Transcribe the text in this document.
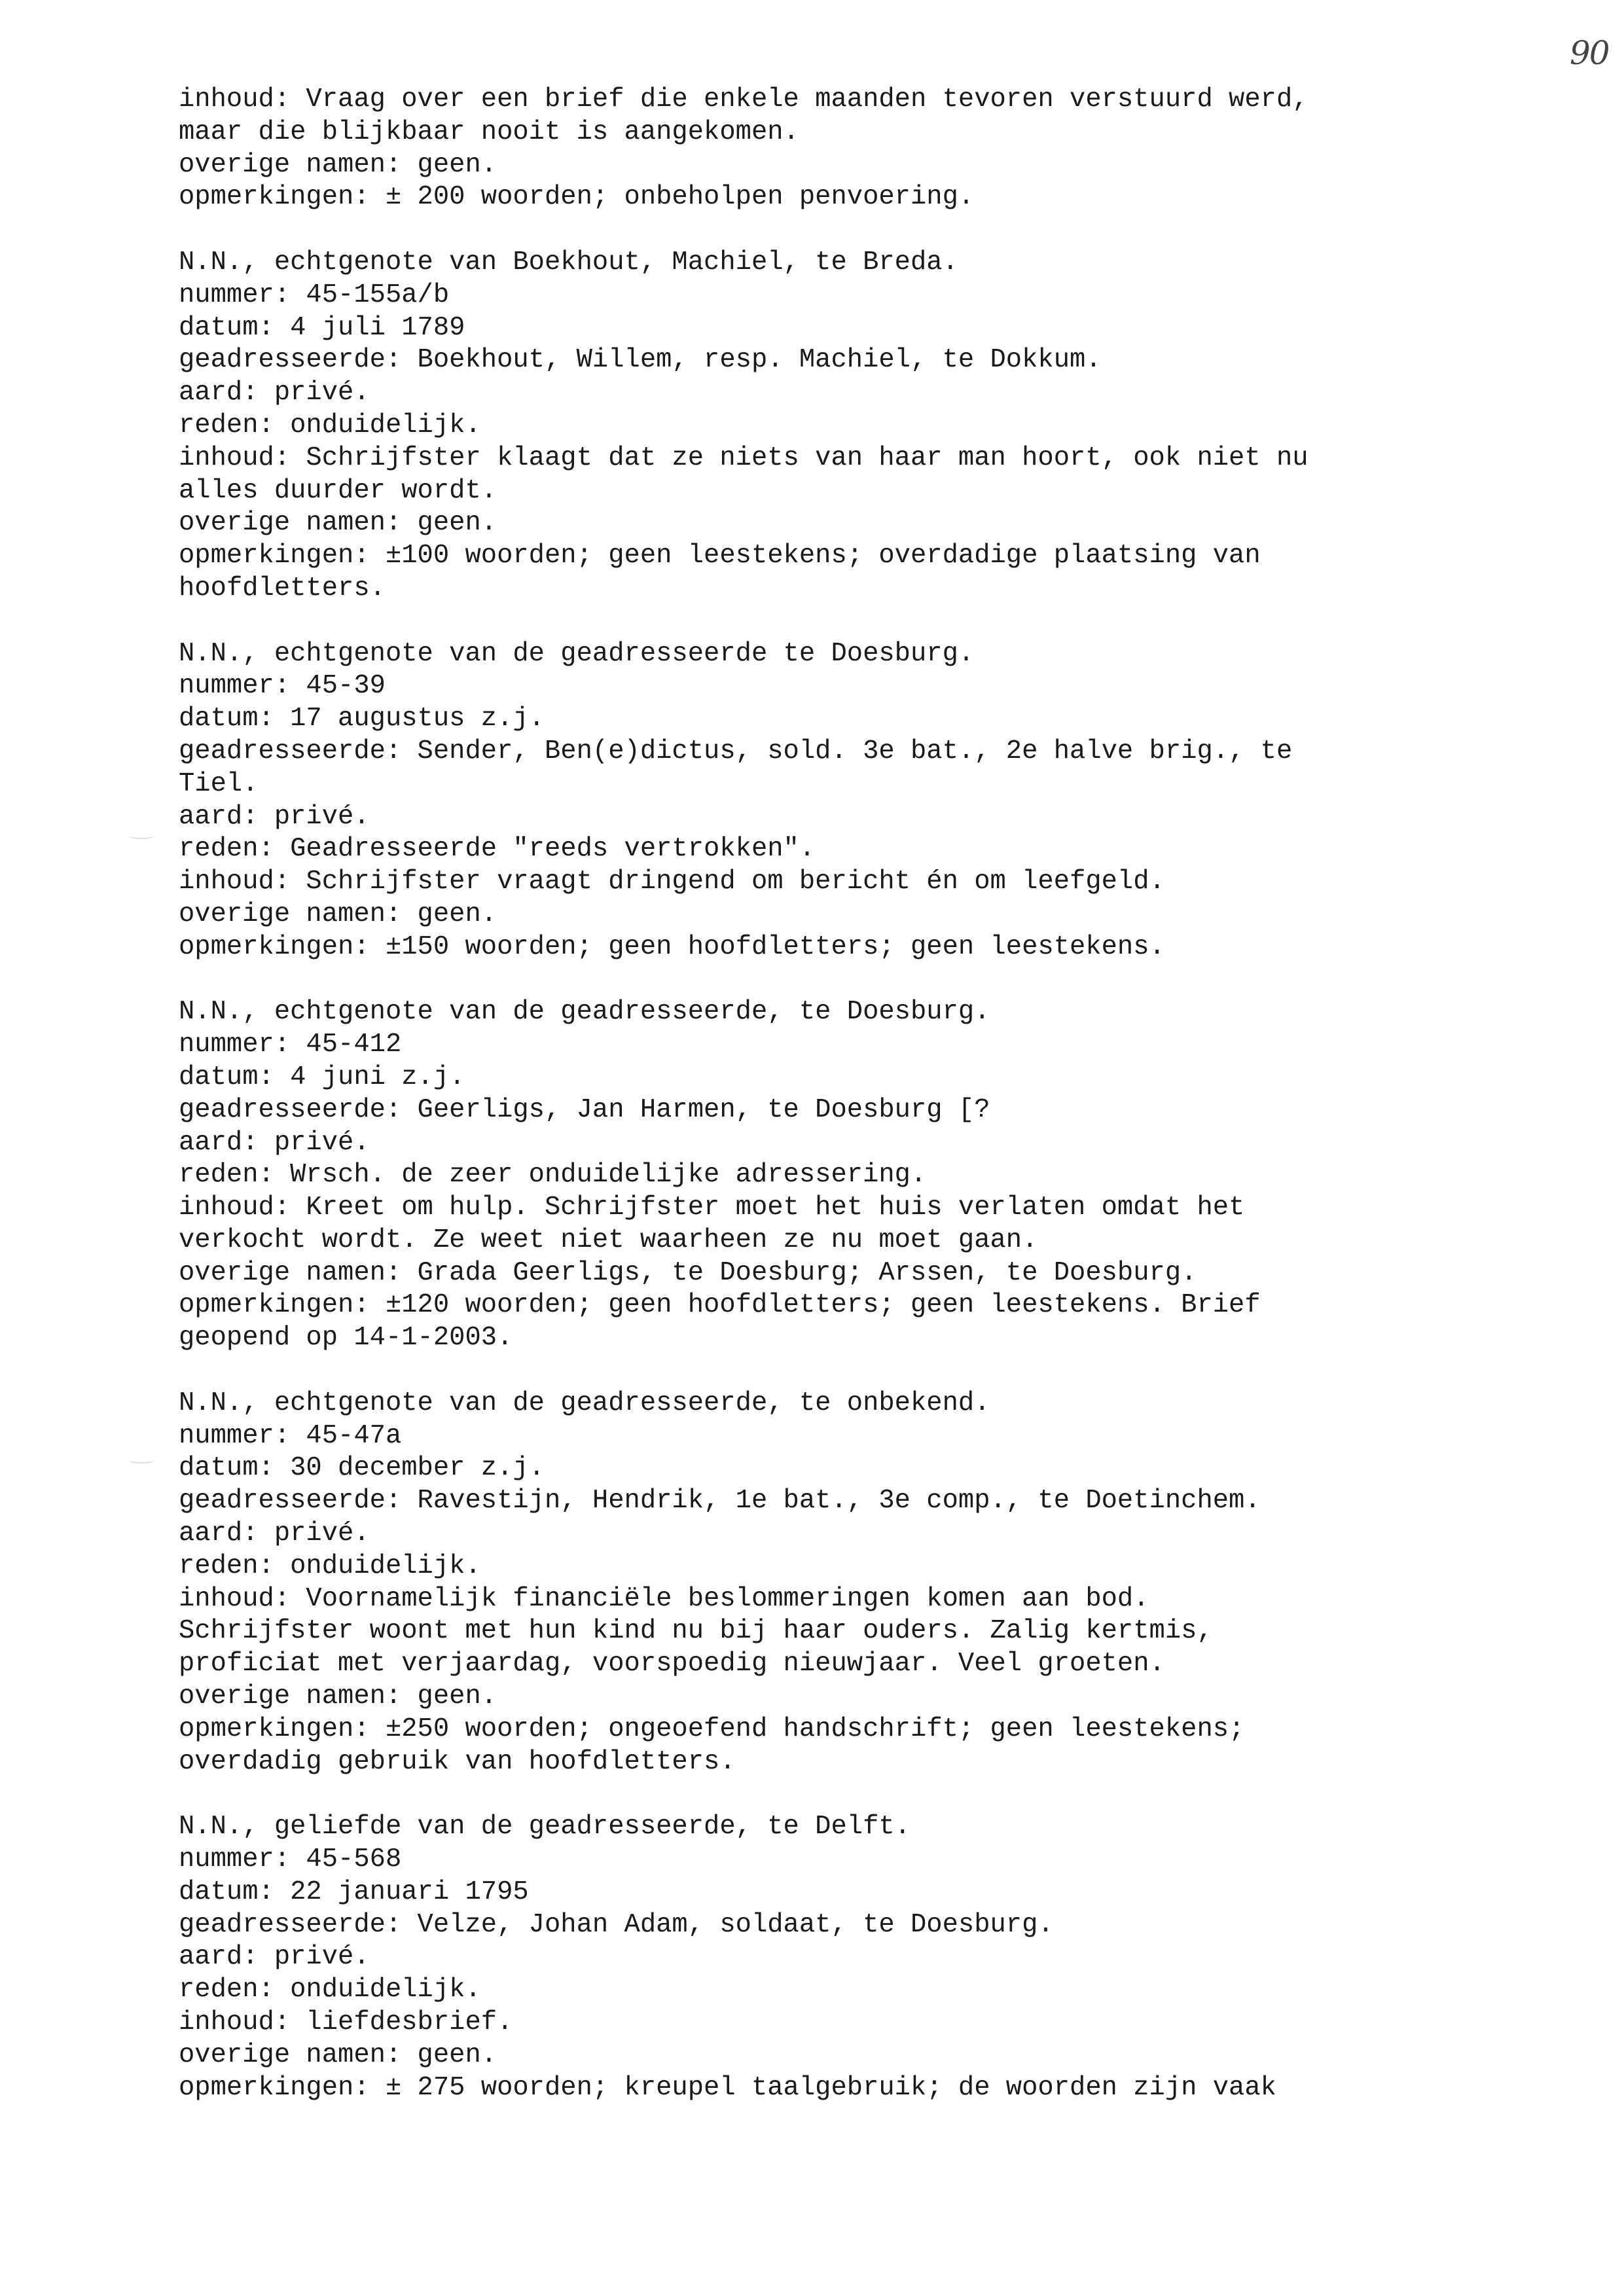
90
inhoud: Vraag over een brief die enkele maanden tevoren verstuurd werd,
maar die blijkbaar nooit is aangekomen.
overige namen: geen.
opmerkingen: ± 200 woorden; onbeholpen penvoering.
N.N., echtgenote van Boekhout, Machiel, te Breda.
nummer: 45-155a/b
datum: 4 juli 1789
geadresseerde: Boekhout, Willem, resp. Machiel, te Dokkum.
aard: privé.
reden: onduidelijk.
inhoud: Schrijfster klaagt dat ze niets van haar man hoort, ook niet nu
alles duurder wordt.
overige namen: geen.
opmerkingen: ±100 woorden; geen leestekens; overdadige plaatsing van
hoofdletters.
N.N., echtgenote van de geadresseerde te Doesburg.
nummer: 45-39
datum: 17 augustus z.j.
geadresseerde: Sender, Ben(e)dictus, sold. 3e bat., 2e halve brig., te
Tiel.
aard: privé.
reden: Geadresseerde "reeds vertrokken".
inhoud: Schrijfster vraagt dringend om bericht én om leefgeld.
overige namen: geen.
opmerkingen: ±150 woorden; geen hoofdletters; geen leestekens.
N.N., echtgenote van de geadresseerde, te Doesburg.
nummer: 45-412
datum: 4 juni z.j.
geadresseerde: Geerligs, Jan Harmen, te Doesburg [?
aard: privé.
reden: Wrsch. de zeer onduidelijke adressering.
inhoud: Kreet om hulp. Schrijfster moet het huis verlaten omdat het
verkocht wordt. Ze weet niet waarheen ze nu moet gaan.
overige namen: Grada Geerligs, te Doesburg; Arssen, te Doesburg.
opmerkingen: ±120 woorden; geen hoofdletters; geen leestekens. Brief
geopend op 14-1-2003.
N.N., echtgenote van de geadresseerde, te onbekend.
nummer: 45-47a
datum: 30 december z.j.
geadresseerde: Ravestijn, Hendrik, 1e bat., 3e comp., te Doetinchem.
aard: privé.
reden: onduidelijk.
inhoud: Voornamelijk financiële beslommeringen komen aan bod.
Schrijfster woont met hun kind nu bij haar ouders. Zalig kertmis,
proficiat met verjaardag, voorspoedig nieuwjaar. Veel groeten.
overige namen: geen.
opmerkingen: ±250 woorden; ongeoefend handschrift; geen leestekens;
overdadig gebruik van hoofdletters.
N.N., geliefde van de geadresseerde, te Delft.
nummer: 45-568
datum: 22 januari 1795
geadresseerde: Velze, Johan Adam, soldaat, te Doesburg.
aard: privé.
reden: onduidelijk.
inhoud: liefdesbrief.
overige namen: geen.
opmerkingen: ± 275 woorden; kreupel taalgebruik; de woorden zijn vaak
